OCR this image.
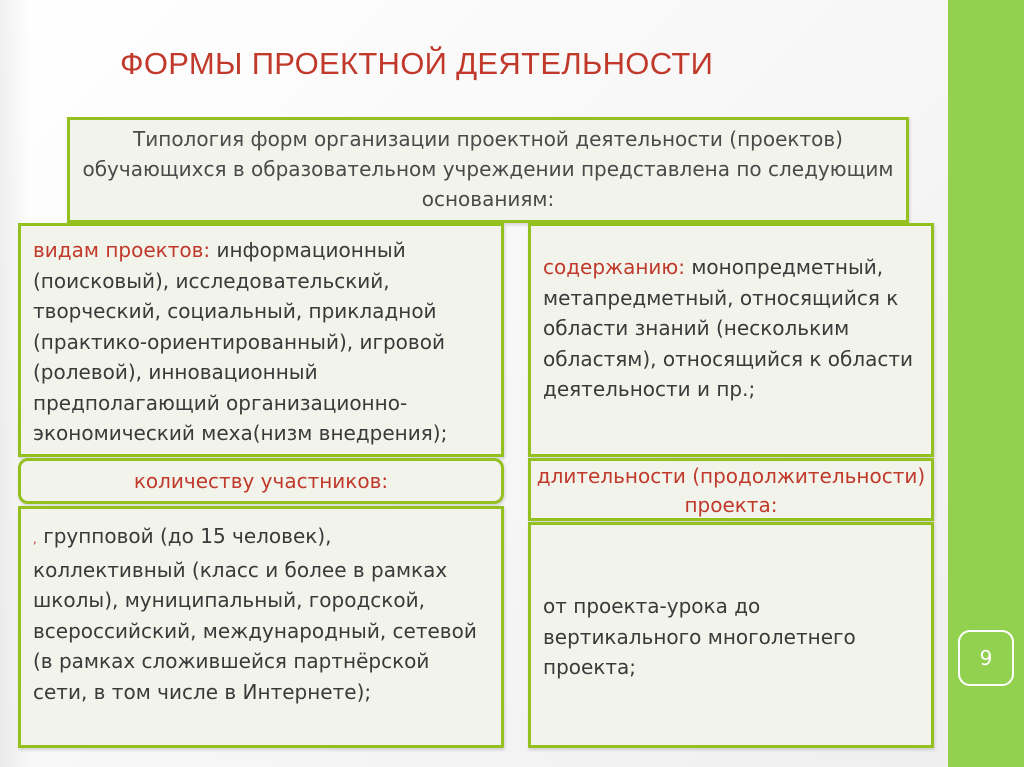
9
ФОРМЫ ПРОЕКТНОЙ ДЕЯТЕЛЬНОСТИ
Типология форм организации проектной деятельности (проектов) обучающихся в образовательном учреждении представлена по следующим основаниям:
видам проектов: информационный (поисковый), исследовательский, творческий, социальный, прикладной (практико-ориентированный), игровой (ролевой), инновационный предполагающий организационно-экономический меха(низм внедрения);
содержанию: монопредметный, метапредметный, относящийся к области знаний (нескольким областям), относящийся к области деятельности и пр.;
количеству участников:	длительности (продолжительности) проекта:
, групповой (до 15 человек), коллективный (класс и более в рамках школы), муниципальный, городской, всероссийский, международный, сетевой (в рамках сложившейся партнёрской сети, в том числе в Интернете);
от проекта-урока до вертикального многолетнего проекта;
